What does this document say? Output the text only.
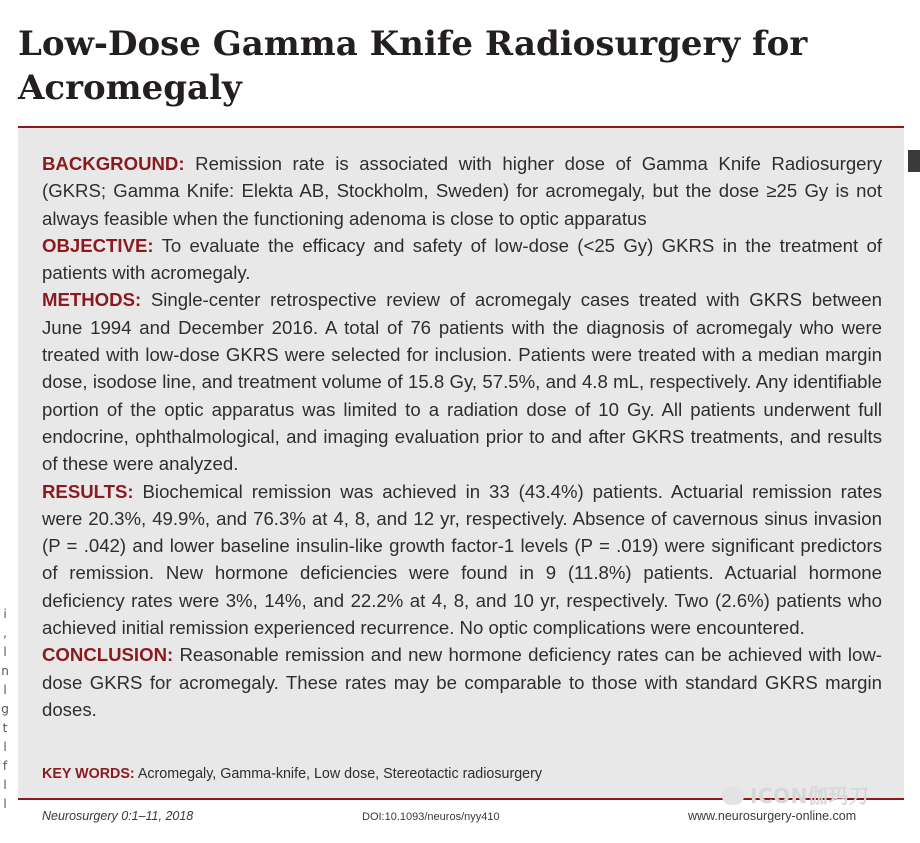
Low-Dose Gamma Knife Radiosurgery for Acromegaly

BACKGROUND: Remission rate is associated with higher dose of Gamma Knife Radiosurgery (GKRS; Gamma Knife: Elekta AB, Stockholm, Sweden) for acromegaly, but the dose ≥25 Gy is not always feasible when the functioning adenoma is close to optic apparatus

OBJECTIVE: To evaluate the efficacy and safety of low-dose (<25 Gy) GKRS in the treatment of patients with acromegaly.

METHODS: Single-center retrospective review of acromegaly cases treated with GKRS between June 1994 and December 2016. A total of 76 patients with the diagnosis of acromegaly who were treated with low-dose GKRS were selected for inclusion. Patients were treated with a median margin dose, isodose line, and treatment volume of 15.8 Gy, 57.5%, and 4.8 mL, respectively. Any identifiable portion of the optic apparatus was limited to a radiation dose of 10 Gy. All patients underwent full endocrine, ophthalmological, and imaging evaluation prior to and after GKRS treatments, and results of these were analyzed.

RESULTS: Biochemical remission was achieved in 33 (43.4%) patients. Actuarial remission rates were 20.3%, 49.9%, and 76.3% at 4, 8, and 12 yr, respectively. Absence of cavernous sinus invasion (P = .042) and lower baseline insulin-like growth factor-1 levels (P = .019) were significant predictors of remission. New hormone deficiencies were found in 9 (11.8%) patients. Actuarial hormone deficiency rates were 3%, 14%, and 22.2% at 4, 8, and 10 yr, respectively. Two (2.6%) patients who achieved initial remission experienced recurrence. No optic complications were encountered.

CONCLUSION: Reasonable remission and new hormone deficiency rates can be achieved with low-dose GKRS for acromegaly. These rates may be comparable to those with standard GKRS margin doses.

KEY WORDS: Acromegaly, Gamma-knife, Low dose, Stereotactic radiosurgery
Neurosurgery 0:1–11, 2018	DOI:10.1093/neuros/nyy410	www.neurosurgery-online.com
i
,
l
n
l
g
t
l
f
l
l	ICON伽玛刀
